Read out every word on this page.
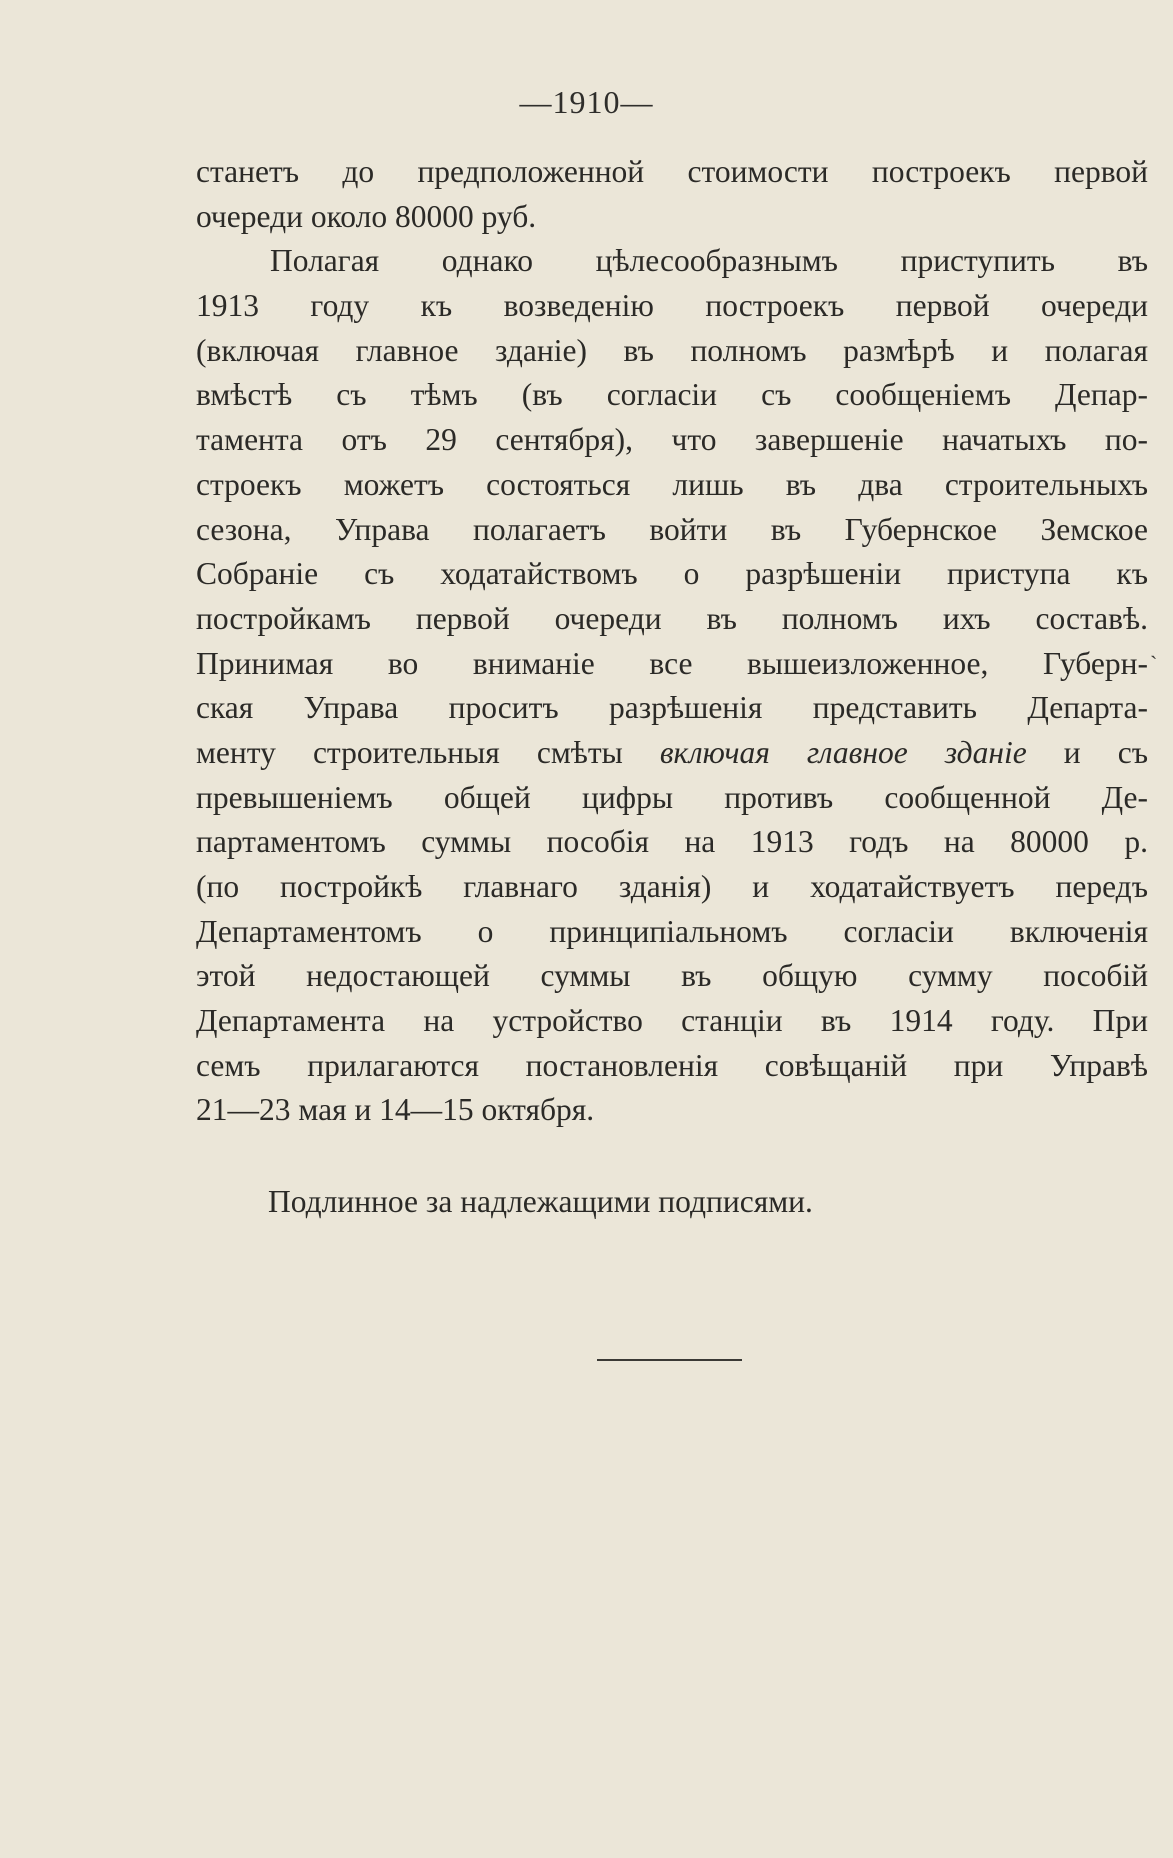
—1910—
станетъ до предположенной стоимости построекъ первой
очереди около 80000 руб.
Полагая однако цѣлесообразнымъ приступить въ
1913 году къ возведенію построекъ первой очереди
(включая главное зданіе) въ полномъ размѣрѣ и полагая
вмѣстѣ съ тѣмъ (въ согласіи съ сообщеніемъ Депар-
тамента отъ 29 сентября), что завершеніе начатыхъ по-
строекъ можетъ состояться лишь въ два строительныхъ
сезона, Управа полагаетъ войти въ Губернское Земское
Собраніе съ ходатайствомъ о разрѣшеніи приступа къ
постройкамъ первой очереди въ полномъ ихъ составѣ.
Принимая во вниманіе все вышеизложенное, Губерн-
ская Управа проситъ разрѣшенія представить Департа-
менту строительныя смѣты включая главное зданіе и съ
превышеніемъ общей цифры противъ сообщенной Де-
партаментомъ суммы пособія на 1913 годъ на 80000 р.
(по постройкѣ главнаго зданія) и ходатайствуетъ передъ
Департаментомъ о принципіальномъ согласіи включенія
этой недостающей суммы въ общую сумму пособій
Департамента на устройство станціи въ 1914 году. При
семъ прилагаются постановленія совѣщаній при Управѣ
21—23 мая и 14—15 октября.
ˎ
Подлинное за надлежащими подписями.
